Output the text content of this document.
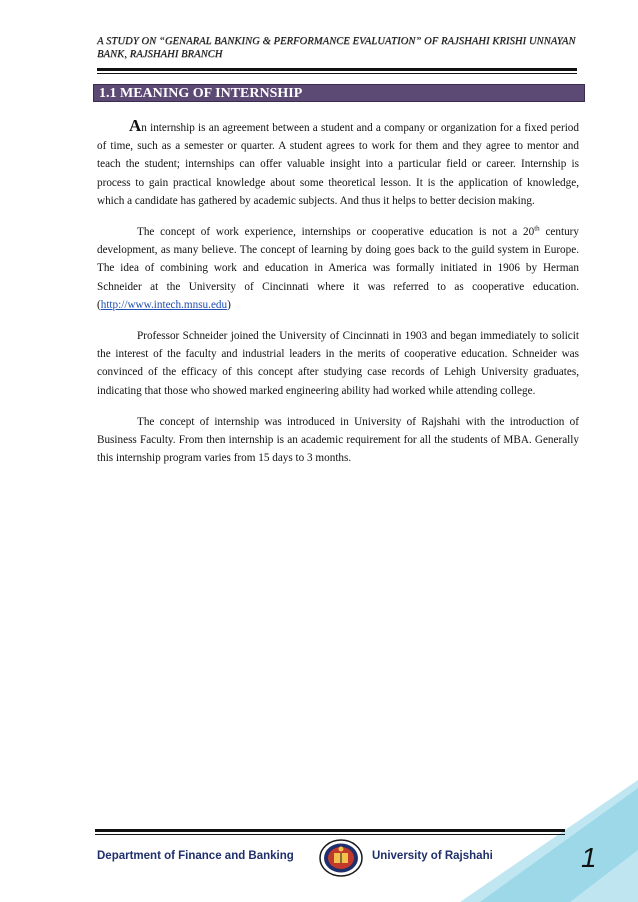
A STUDY ON “GENARAL BANKING & PERFORMANCE EVALUATION” OF RAJSHAHI KRISHI UNNAYAN BANK, RAJSHAHI BRANCH
1.1 MEANING OF INTERNSHIP

An internship is an agreement between a student and a company or organization for a fixed period of time, such as a semester or quarter. A student agrees to work for them and they agree to mentor and teach the student; internships can offer valuable insight into a particular field or career. Internship is process to gain practical knowledge about some theoretical lesson. It is the application of knowledge, which a candidate has gathered by academic subjects. And thus it helps to better decision making.

The concept of work experience, internships or cooperative education is not a 20th century development, as many believe. The concept of learning by doing goes back to the guild system in Europe. The idea of combining work and education in America was formally initiated in 1906 by Herman Schneider at the University of Cincinnati where it was referred to as cooperative education. (http://www.intech.mnsu.edu)

Professor Schneider joined the University of Cincinnati in 1903 and began immediately to solicit the interest of the faculty and industrial leaders in the merits of cooperative education. Schneider was convinced of the efficacy of this concept after studying case records of Lehigh University graduates, indicating that those who showed marked engineering ability had worked while attending college.

The concept of internship was introduced in University of Rajshahi with the introduction of Business Faculty. From then internship is an academic requirement for all the students of MBA. Generally this internship program varies from 15 days to 3 months.

Department of Finance and Banking	University of Rajshahi	1
